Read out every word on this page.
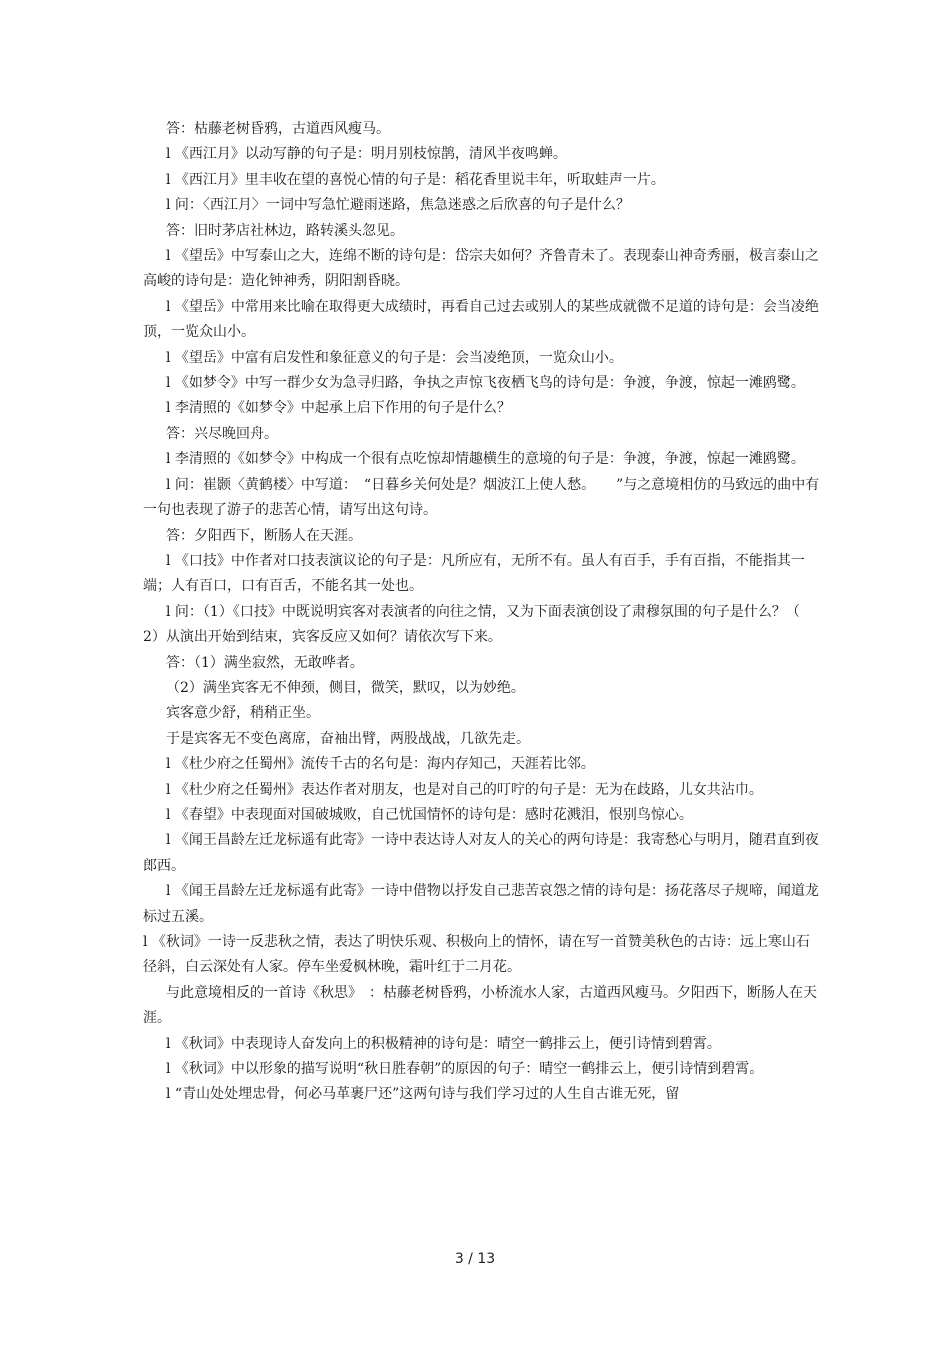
答：枯藤老树昏鸦，古道西风瘦马。

l 《西江月》以动写静的句子是：明月别枝惊鹊，清风半夜鸣蝉。

l 《西江月》里丰收在望的喜悦心情的句子是：稻花香里说丰年，听取蛙声一片。

l 问：〈西江月〉一词中写急忙避雨迷路，焦急迷惑之后欣喜的句子是什么？

答：旧时茅店社林边，路转溪头忽见。

l 《望岳》中写泰山之大，连绵不断的诗句是：岱宗夫如何？齐鲁青未了。表现泰山神奇秀丽，极言泰山之高峻的诗句是：造化钟神秀，阴阳割昏晓。

l 《望岳》中常用来比喻在取得更大成绩时，再看自己过去或别人的某些成就微不足道的诗句是：会当凌绝顶，一览众山小。

l 《望岳》中富有启发性和象征意义的句子是：会当凌绝顶，一览众山小。

l 《如梦令》中写一群少女为急寻归路，争执之声惊飞夜栖飞鸟的诗句是：争渡，争渡，惊起一滩鸥鹭。

l 李清照的《如梦令》中起承上启下作用的句子是什么？

答：兴尽晚回舟。

l 李清照的《如梦令》中构成一个很有点吃惊却情趣横生的意境的句子是：争渡，争渡，惊起一滩鸥鹭。

l 问：崔颢〈黄鹤楼〉中写道：　“日暮乡关何处是？烟波江上使人愁。　　”与之意境相仿的马致远的曲中有一句也表现了游子的悲苦心情，请写出这句诗。

答：夕阳西下，断肠人在天涯。

l 《口技》中作者对口技表演议论的句子是：凡所应有，无所不有。虽人有百手，手有百指，不能指其一端；人有百口，口有百舌，不能名其一处也。

l 问：（1）《口技》中既说明宾客对表演者的向往之情，又为下面表演创设了肃穆氛围的句子是什么？（　2）从演出开始到结束，宾客反应又如何？请依次写下来。

答：（1）满坐寂然，无敢哗者。

（2）满坐宾客无不伸颈，侧目，微笑，默叹，以为妙绝。

宾客意少舒，稍稍正坐。

于是宾客无不变色离席，奋袖出臂，两股战战，几欲先走。

l 《杜少府之任蜀州》流传千古的名句是：海内存知己，天涯若比邻。

l 《杜少府之任蜀州》表达作者对朋友，也是对自己的叮咛的句子是：无为在歧路，儿女共沾巾。

l 《春望》中表现面对国破城败，自己忧国情怀的诗句是：感时花溅泪，恨别鸟惊心。

l 《闻王昌龄左迁龙标遥有此寄》一诗中表达诗人对友人的关心的两句诗是：我寄愁心与明月，随君直到夜郎西。

l 《闻王昌龄左迁龙标遥有此寄》一诗中借物以抒发自己悲苦哀怨之情的诗句是：扬花落尽子规啼，闻道龙标过五溪。

l 《秋词》一诗一反悲秋之情，表达了明快乐观、积极向上的情怀，请在写一首赞美秋色的古诗：远上寒山石径斜，白云深处有人家。停车坐爱枫林晚，霜叶红于二月花。

与此意境相反的一首诗《秋思》　：枯藤老树昏鸦，小桥流水人家，古道西风瘦马。夕阳西下，断肠人在天涯。

l 《秋词》中表现诗人奋发向上的积极精神的诗句是：晴空一鹤排云上，便引诗情到碧霄。

l 《秋词》中以形象的描写说明“秋日胜春朝”的原因的句子：晴空一鹤排云上，便引诗情到碧霄。

l “青山处处埋忠骨，何必马革裹尸还”这两句诗与我们学习过的人生自古谁无死，留

3 / 13
